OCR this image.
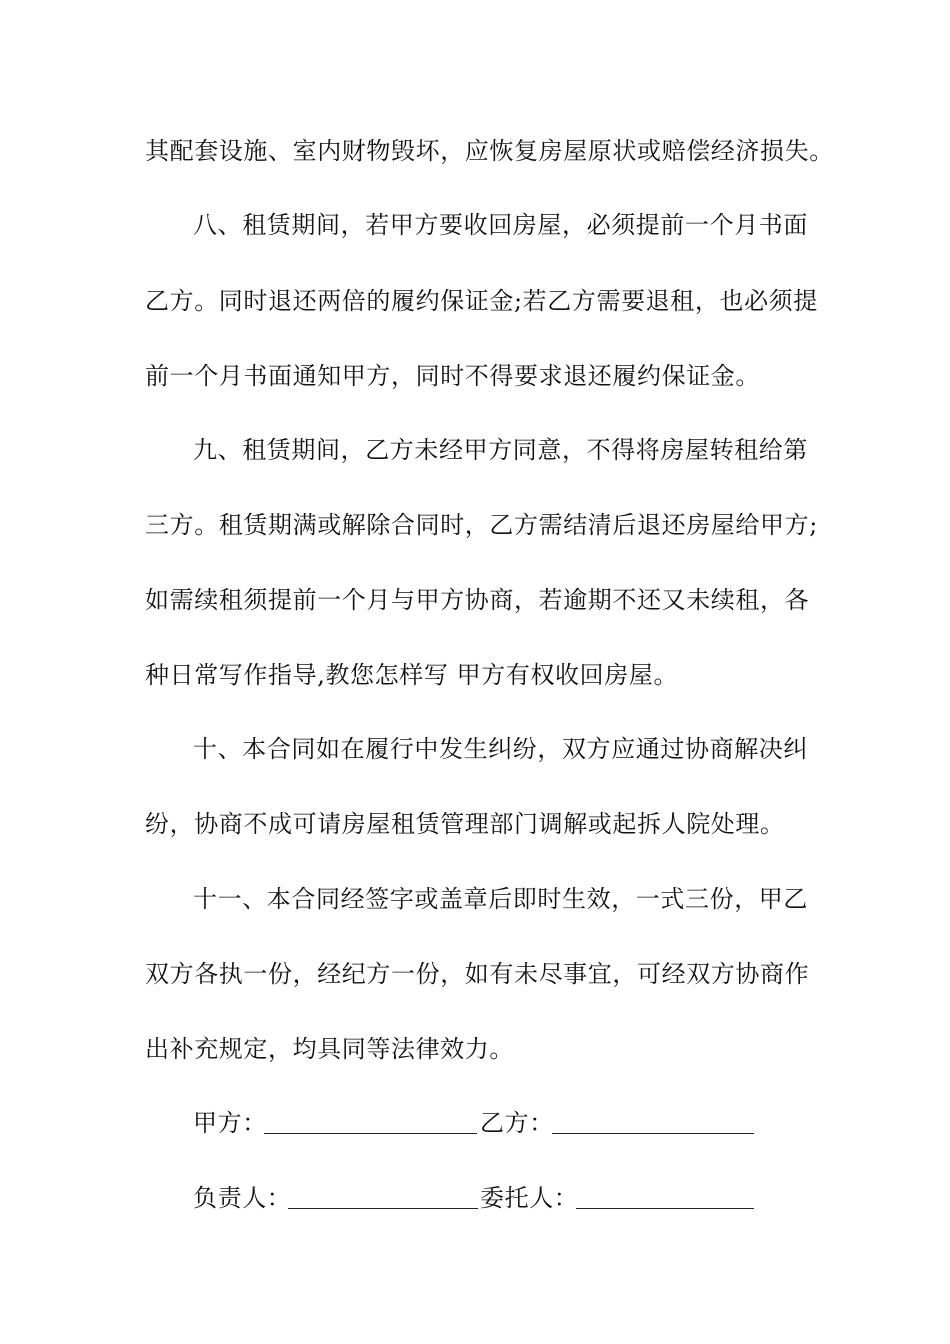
其配套设施、室内财物毁坏，应恢复房屋原状或赔偿经济损失。
八、租赁期间，若甲方要收回房屋，必须提前一个月书面
乙方。同时退还两倍的履约保证金;若乙方需要退租，也必须提
前一个月书面通知甲方，同时不得要求退还履约保证金。
九、租赁期间，乙方未经甲方同意，不得将房屋转租给第
三方。租赁期满或解除合同时，乙方需结清后退还房屋给甲方;
如需续租须提前一个月与甲方协商，若逾期不还又未续租，各
种日常写作指导,教您怎样写 甲方有权收回房屋。
十、本合同如在履行中发生纠纷，双方应通过协商解决纠
纷，协商不成可请房屋租赁管理部门调解或起拆人院处理。
十一、本合同经签字或盖章后即时生效，一式三份，甲乙
双方各执一份，经纪方一份，如有未尽事宜，可经双方协商作
出补充规定，均具同等法律效力。
甲方：	乙方：
负责人：	委托人：
